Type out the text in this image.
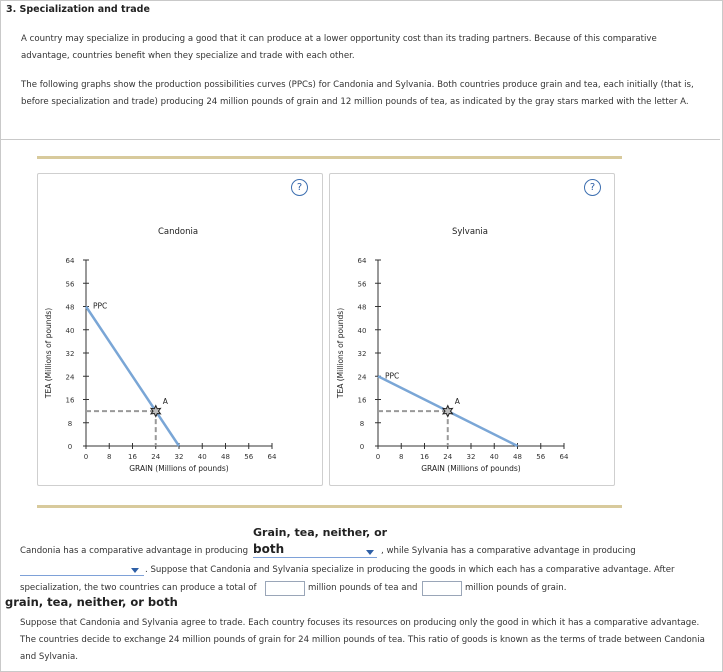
3. Specialization and trade
A country may specialize in producing a good that it can produce at a lower opportunity cost than its trading partners. Because of this comparative advantage, countries benefit when they specialize and trade with each other.
The following graphs show the production possibilities curves (PPCs) for Candonia and Sylvania. Both countries produce grain and tea, each initially (that is, before specialization and trade) producing 24 million pounds of grain and 12 million pounds of tea, as indicated by the gray stars marked with the letter A.
?
Candonia
0
8
16
24
32
40
48
56
64
0	8 16 24 32 40 48 56 64
GRAIN (Millions of pounds)
TEA (Millions of pounds)
PPC
A
?
Sylvania
0
8
16
24
32
40
48
56
64
0	8 16 24 32 40 48 56 64
GRAIN (Millions of pounds)
TEA (Millions of pounds)	PPC
A
Grain, tea, neither, or
Candonia has a comparative advantage in producing both	, while Sylvania has a comparative advantage in producing
. Suppose that Candonia and Sylvania specialize in producing the goods in which each has a comparative advantage. After
specialization, the two countries can produce a total of	million pounds of tea and	million pounds of grain.
grain, tea, neither, or both
Suppose that Candonia and Sylvania agree to trade. Each country focuses its resources on producing only the good in which it has a comparative advantage. The countries decide to exchange 24 million pounds of grain for 24 million pounds of tea. This ratio of goods is known as the terms of trade between Candonia and Sylvania.
